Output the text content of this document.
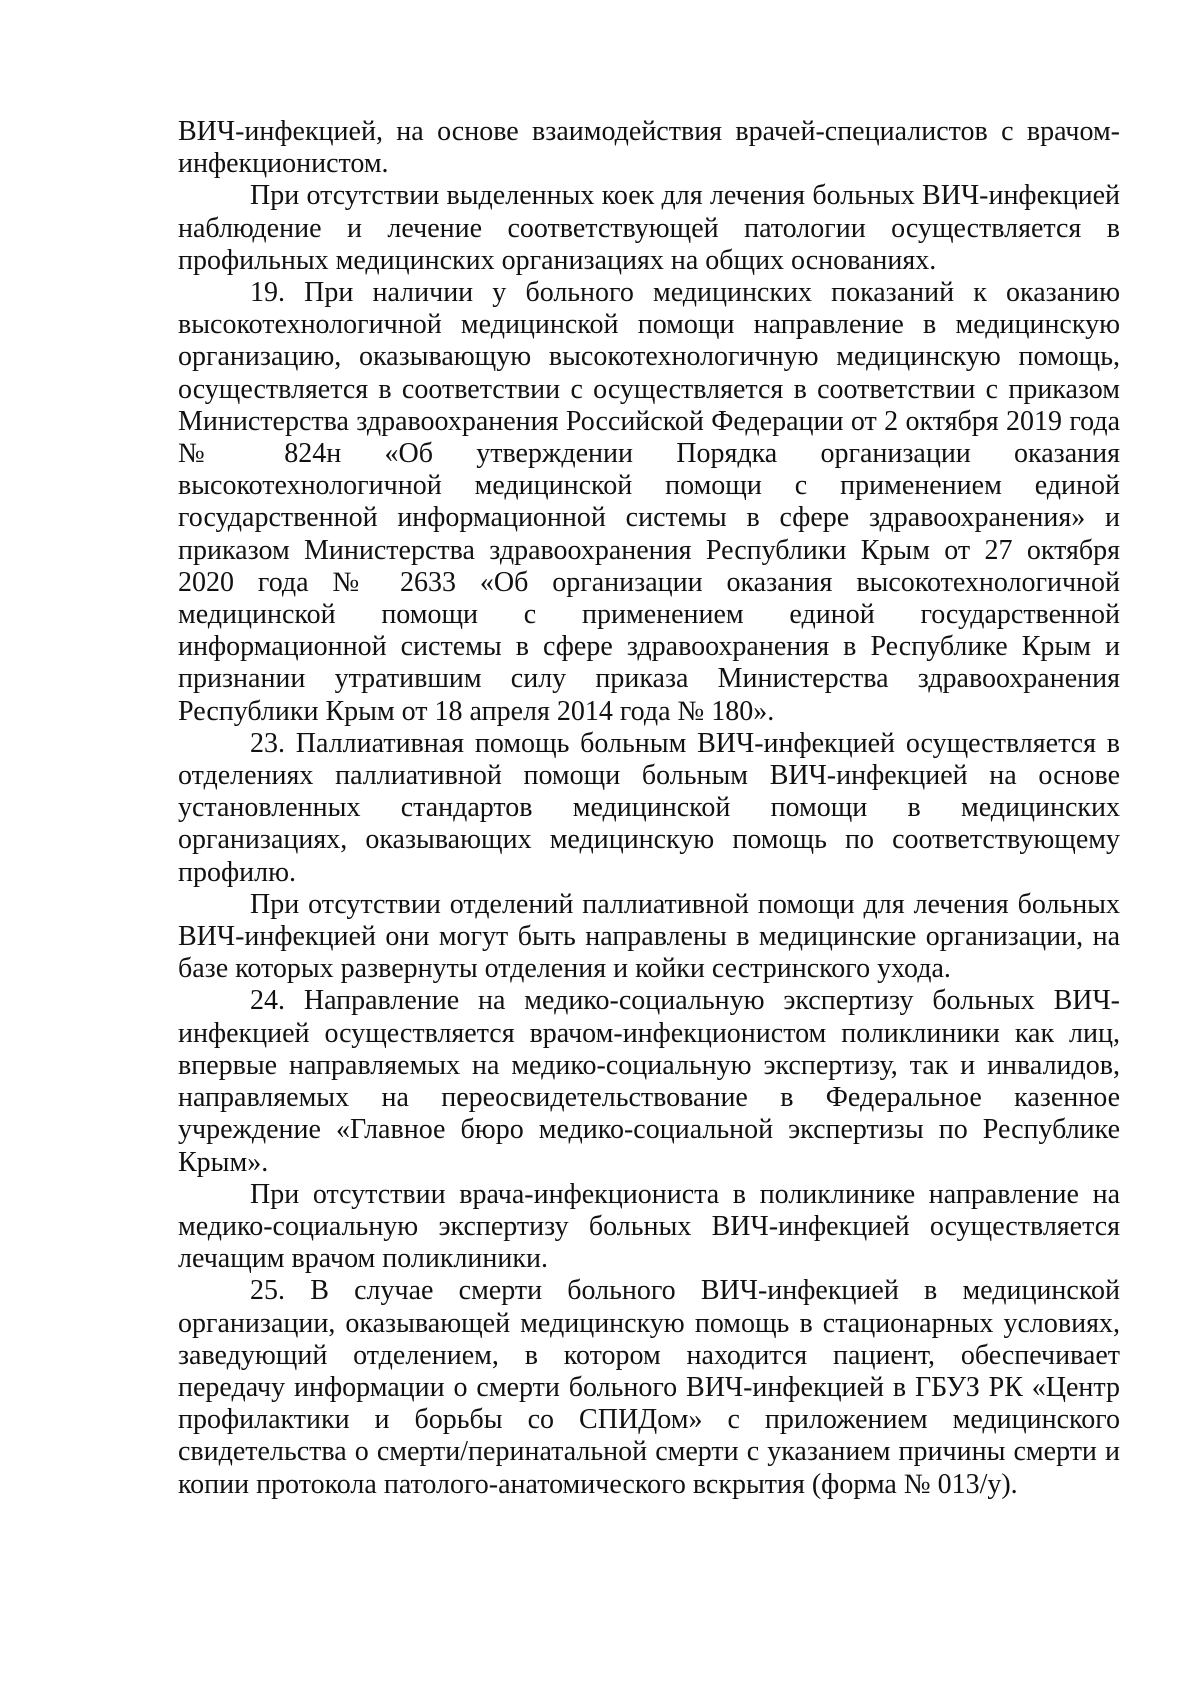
ВИЧ-инфекцией, на основе взаимодействия врачей-специалистов с врачом-инфекционистом.

При отсутствии выделенных коек для лечения больных ВИЧ-инфекцией наблюдение и лечение соответствующей патологии осуществляется в профильных медицинских организациях на общих основаниях.

19. При наличии у больного медицинских показаний к оказанию высокотехнологичной медицинской помощи направление в медицинскую организацию, оказывающую высокотехнологичную медицинскую помощь, осуществляется в соответствии с осуществляется в соответствии с приказом Министерства здравоохранения Российской Федерации от 2 октября 2019 года № 824н «Об утверждении Порядка организации оказания высокотехнологичной медицинской помощи с применением единой государственной информационной системы в сфере здравоохранения» и приказом Министерства здравоохранения Республики Крым от 27 октября 2020 года № 2633 «Об организации оказания высокотехнологичной медицинской помощи с применением единой государственной информационной системы в сфере здравоохранения в Республике Крым и признании утратившим силу приказа Министерства здравоохранения Республики Крым от 18 апреля 2014 года № 180».

23. Паллиативная помощь больным ВИЧ-инфекцией осуществляется в отделениях паллиативной помощи больным ВИЧ-инфекцией на основе установленных стандартов медицинской помощи в медицинских организациях, оказывающих медицинскую помощь по соответствующему профилю.

При отсутствии отделений паллиативной помощи для лечения больных ВИЧ-инфекцией они могут быть направлены в медицинские организации, на базе которых развернуты отделения и койки сестринского ухода.

24. Направление на медико-социальную экспертизу больных ВИЧ-инфекцией осуществляется врачом-инфекционистом поликлиники как лиц, впервые направляемых на медико-социальную экспертизу, так и инвалидов, направляемых на переосвидетельствование в Федеральное казенное учреждение «Главное бюро медико-социальной экспертизы по Республике Крым».

При отсутствии врача-инфекциониста в поликлинике направление на медико-социальную экспертизу больных ВИЧ-инфекцией осуществляется лечащим врачом поликлиники.

25. В случае смерти больного ВИЧ-инфекцией в медицинской организации, оказывающей медицинскую помощь в стационарных условиях, заведующий отделением, в котором находится пациент, обеспечивает передачу информации о смерти больного ВИЧ-инфекцией в ГБУЗ РК «Центр профилактики и борьбы со СПИДом» с приложением медицинского свидетельства о смерти/перинатальной смерти с указанием причины смерти и копии протокола патолого-анатомического вскрытия (форма № 013/у).
